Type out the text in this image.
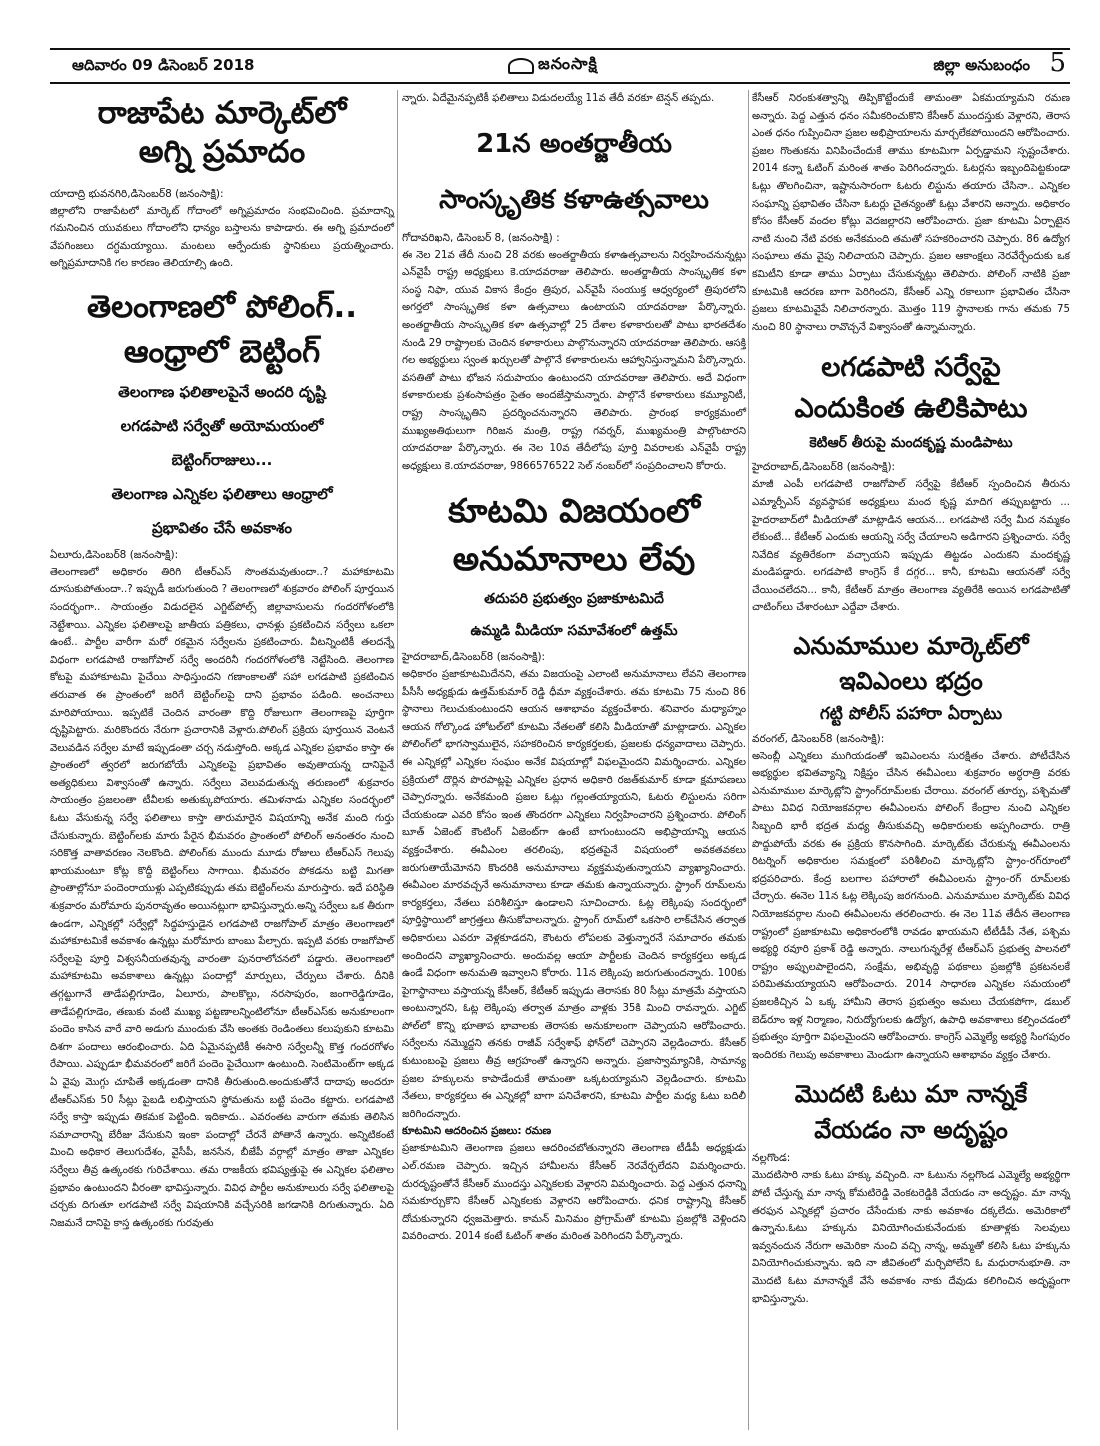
ఆదివారం 09 డిసెంబర్ 2018	జనంసాక్షి	జిల్లా అనుబంధం 5
రాజాపేట మార్కెట్‌లో
అగ్ని ప్రమాదం
యాదాద్రి భువనగిరి,డిసెంబర్‌8 (జనంసాక్షి):

జిల్లాలోని రాజాపేటలో మార్కెట్‌ గోదాంలో అగ్నిప్రమాదం సంభవించింది. ప్రమాదాన్ని గమనించిన యువకులు గోదాంలోని ధాన్యం బస్తాలను కాపాడారు. ఈ అగ్ని ప్రమాదంలో వేపగింజలు దగ్ధమయ్యాయి. మంటలు ఆర్పేందుకు స్థానికులు ప్రయత్నించారు. అగ్నిప్రమాదానికి గల కారణం తెలియాల్సి ఉంది.

తెలంగాణలో పోలింగ్‌..
ఆంధ్రాలో బెట్టింగ్‌
తెలంగాణ ఫలితాలపైనే అందరి దృష్టి
లగడపాటి సర్వేతో అయోమయంలో
బెట్టింగ్‌రాజులు...
తెలంగాణ ఎన్నికల ఫలితాలు ఆంధ్రాలో
ప్రభావితం చేసే అవకాశం
ఏలూరు,డిసెంబర్‌8 (జనంసాక్షి):

తెలంగాణలో అధికారం తిరిగి టీఆర్‌ఎస్‌ సొంతమవుతుందా..? మహాకూటమి దూసుకుపోతుందా..? ఇప్పుడీ జరుగుతుంది ? తెలంగాణలో శుక్రవారం పోలింగ్‌ పూర్తయిన సందర్భంగా.. సాయంత్రం విడుదలైన ఎగ్జిట్‌పోల్స్‌ జిల్లావాసులను గందరగోళంలోకి నెట్టేశాయి. ఎన్నికల ఫలితాలపై జాతీయ పత్రికలు, ఛానళ్లు ప్రకటించిన సర్వేలు ఒకలా ఉంటే.. పార్టీల వారీగా మరో రకమైన సర్వేలను ప్రకటించారు. వీటన్నింటికీ తలదన్నే విధంగా లగడపాటి రాజగోపాల్‌ సర్వే అందరినీ గందరగోళంలోకి నెట్టేసింది. తెలంగాణ కోటపై మహాకూటమి పైచేయి సాధిస్తుందని గణాంకాలతో సహా లగడపాటి ప్రకటించిన తరువాత ఈ ప్రాంతంలో జరిగే బెట్టింగ్‌లపై దాని ప్రభావం పడింది. అంచనాలు మారిపోయాయి. ఇప్పటికే చెందిన వారంతా కొద్ది రోజులుగా తెలంగాణపై పూర్తిగా దృష్టిపెట్టారు. మరికొందరు నేరుగా ప్రచారానికి వెళ్లారు.పోలింగ్‌ ప్రక్రియ పూర్తయిన వెంటనే వెలువడిన సర్వేల మాటే ఇప్పుడంతా చర్చ నడుస్తోంది. అక్కడ ఎన్నికల ప్రభావం కాస్తా ఈ ప్రాంతంలో త్వరలో జరుగబోయే ఎన్నికలపై ప్రభావితం అవుతాయన్న దానిపైనే అత్యధికులు విశ్వాసంతో ఉన్నారు. సర్వేలు వెలువడుతున్న తరుణంలో శుక్రవారం సాయంత్రం ప్రజలంతా టీవీలకు అతుక్కుపోయారు. తమిళనాడు ఎన్నికల సందర్భంలో ఓటు వేసుకున్న సర్వే ఫలితాలు కాస్తా తారుమారైన విషయాన్ని అనేక మంది గుర్తు చేసుకున్నారు. బెట్టింగ్‌లకు మారు పేరైన భీమవరం ప్రాంతంలో పోలింగ్‌ అనంతరం నుంచి సరికొత్త వాతావరణం నెలకొంది. పోలింగ్‌కు ముందు మూడు రోజులు టీఆర్‌ఎస్‌ గెలుపు ఖాయమంటూ కోట్ల కొద్దీ బెట్టింగ్‌లు సాగాయి. భీమవరం పోకడను బట్టి మిగతా ప్రాంతాల్లోనూ పందెంరాయుళ్లు ఎప్పటికప్పుడు తమ బెట్టింగ్‌లను మారుస్తారు. ఇదే పరిస్థితి శుక్రవారం మరోమారు పునరావృతం అయినట్లుగా భావిస్తున్నారు.అన్ని సర్వేలు ఒక తీరుగా ఉండగా, ఎన్నికల్లో సర్వేల్లో సిద్ధహస్తుడైన లగడపాటి రాజగోపాల్‌ మాత్రం తెలంగాణలో మహాకూటమికే అవకాశం ఉన్నట్లు మరోమారు బాంబు పేల్చారు. ఇప్పటి వరకు రాజగోపాల్‌ సర్వేలపై పూర్తి విశ్వసనీయతవున్న వారంతా పునరాలోచనలో పడ్డారు. తెలంగాణలో మహాకూటమి అవకాశాలు ఉన్నట్లు పందాల్లో మార్పులు, చేర్పులు చేశారు. దీనికి తగ్గట్టుగానే తాడేపల్లిగూడెం, ఏలూరు, పాలకొల్లు, నరసాపురం, జంగారెడ్డిగూడెం, తాడేపల్లిగూడెం, తణుకు వంటి ముఖ్య పట్టణాలన్నింటిలోనూ టీఆర్‌ఎస్‌కు అనుకూలంగా పందెం కాసిన వారే వారి అడుగు ముందుకు వేసి అంతకు రెండింతలు కలుపుకుని కూటమి దిశగా పందాలు ఆరంభించారు. ఏది ఏమైనప్పటికీ ఈసారి సర్వేలన్నీ కొత్త గందరగోళం రేపాయి. ఎప్పుడూ భీమవరంలో జరిగే పందెం పైచేయిగా ఉంటుంది. సెంటిమెంట్‌గా అక్కడ ఏ వైపు మొగ్గు చూపితే అక్కడంతా దానికి తీరుతుంది.అందుకుతోనే దాదాపు అందరూ టీఆర్‌ఎస్‌కు 50 సీట్లు పైబడి లభిస్తాయని స్థోమతును బట్టి పందెం కట్టారు. లగడపాటి సర్వే కాస్తా ఇప్పుడు తికమక పెట్టింది. ఇదికాదు.. ఎవరంతట వారుగా తమకు తెలిసిన సమాచారాన్ని బేరీజు వేసుకుని ఇంకా పందాల్లో చేరనే పోతానే ఉన్నారు. అన్నిటికంటే మించి అధికార తెలుగుదేశం, వైసీపీ, జనసేన, బీజేపీ వర్గాల్లో మాత్రం తాజా ఎన్నికల సర్వేలు తీవ్ర ఉత్కంఠకు గురిచేశాయి. తమ రాజకీయ భవిష్యత్తుపై ఈ ఎన్నికల ఫలితాల ప్రభావం ఉంటుందని వీరంతా భావిస్తున్నారు. వివిధ పార్టీల అనుకూలురు సర్వే ఫలితాలపై చర్చకు దిగుతూ లగడపాటి సర్వే విషయానికి వచ్చేసరికి జగడానికి దిగుతున్నారు. ఏది నిజమనే దానిపై కాస్త ఉత్కంఠకు గురవుతు

న్నారు. ఏదేమైనప్పటికీ ఫలితాలు విడుదలయ్యే 11వ తేదీ వరకూ టెన్షన్‌ తప్పదు.

21న అంతర్జాతీయ
సాంస్కృతిక కళాఉత్సవాలు
గోదావరిఖని, డిసెంబర్‌ 8, (జనంసాక్షి) :

ఈ నెల 21వ తేదీ నుంచి 28 వరకు అంతర్జాతీయ కళాఉత్సవాలను నిర్వహించనున్నట్లు ఎన్‌వైపీ రాష్ట్ర అధ్యక్షులు కె.యాదవరాజు తెలిపారు. అంతర్జాతీయ సాంస్కృతిక కళా సంస్థ నిఫా, యువ వికాస కేంద్రం త్రిపుర, ఎన్‌వైపీ సంయుక్త ఆధ్వర్యంలో త్రిపురలోని అగర్తలో సాంస్కృతిక కళా ఉత్సవాలు ఉంటాయని యాదవరాజు పేర్కొన్నారు. అంతర్జాతీయ సాంస్కృతిక కళా ఉత్సవాల్లో 25 దేశాల కళాకారులతో పాటు భారతదేశం నుండి 29 రాష్ట్రాలకు చెందిన కళాకారులు పాల్గొనున్నారని యాదవరాజు తెలిపారు. ఆసక్తి గల అభ్యర్థులు స్వంత ఖర్చులతో పాల్గొనే కళాకారులను ఆహ్వానిస్తున్నామని పేర్కొన్నారు. వసతితో పాటు భోజన సదుపాయం ఉంటుందని యాదవరాజు తెలిపారు. అదే విధంగా కళాకారులకు ప్రశంసాపత్రం సైతం అందజేస్తామన్నారు. పాల్గొనే కళాకారులు కమ్యూనిటీ, రాష్ట్ర సాంస్కృతిని ప్రదర్శించనున్నారని తెలిపారు. ప్రారంభ కార్యక్రమంలో ముఖ్యఅతిథులుగా గిరిజన మంత్రి, రాష్ట్ర గవర్నర్‌, ముఖ్యమంత్రి పాల్గొంటారని యాదవరాజు పేర్కొన్నారు. ఈ నెల 10వ తేదీలోపు పూర్తి వివరాలకు ఎన్‌వైపీ రాష్ట్ర అధ్యక్షులు కె.యాదవరాజు, 9866576522 సెల్‌ నంబర్‌లో సంప్రదించాలని కోరారు.

కూటమి విజయంలో
అనుమానాలు లేవు
తదుపరి ప్రభుత్వం ప్రజాకూటమిదే
ఉమ్మడి మీడియా సమావేశంలో ఉత్తమ్‌
హైదరాబాద్‌,డిసెంబర్‌8 (జనంసాక్షి):

అధికారం ప్రజాకూటమిదేనని, తమ విజయంపై ఎలాంటి అనుమానాలు లేవని తెలంగాణ పీసీసీ అధ్యక్షుడు ఉత్తమ్‌కుమార్‌ రెడ్డి ధీమా వ్యక్తంచేశారు. తమ కూటమి 75 నుంచి 86 స్థానాలు గెలుచుకుంటుందని ఆయన ఆశాభావం వ్యక్తంచేశారు. శనివారం మధ్యాహ్నం ఆయన గోల్కొండ హోటల్‌లో కూటమి నేతలతో కలిసి మీడియాతో మాట్లాడారు. ఎన్నికల పోలింగ్‌లో భాగస్వాములైన, సహకరించిన కార్యకర్తలకు, ప్రజలకు ధన్యవాదాలు చెప్పారు. ఈ ఎన్నికల్లో ఎన్నికల సంఘం అనేక విషయాల్లో విఫలమైందని విమర్శించారు. ఎన్నికల ప్రక్రియలో దొర్లిన పొరపాట్లపై ఎన్నికల ప్రధాన అధికారి రజత్‌కుమార్‌ కూడా క్షమాపణలు చెప్పారన్నారు. అనేకమంది ప్రజల ఓట్లు గల్లంతయ్యాయని, ఓటరు లిస్టులను సరిగా చేయకుండా ఎవరి కోసం ఇంత తొందరగా ఎన్నికలు నిర్వహించారని ప్రశ్నించారు. పోలింగ్‌ బూత్‌ ఏజెంట్‌ కౌంటింగ్‌ ఏజెంట్‌గా ఉంటే బాగుంటుందని అభిప్రాయాన్ని ఆయన వ్యక్తంచేశారు. ఈవీఎంల తరలింపు, భద్రతపైనే విషయంలో అవకతవకలు జరుగుతాయేమోనని కొందరికి అనుమానాలు వ్యక్తమవుతున్నాయని వ్యాఖ్యానించారు. ఈవీఎంల మారవచ్చనే అనుమానాలు కూడా తమకు ఉన్నాయన్నారు. స్ట్రాంగ్‌ రూమ్‌లను కార్యకర్తలు, నేతలు పరిశీలిస్తూ ఉండాలని సూచించారు. ఓట్ల లెక్కింపు సందర్భంలో పూర్తిస్థాయిలో జాగ్రత్తలు తీసుకోవాలన్నారు. స్ట్రాంగ్‌ రూమ్‌లో ఒకసారి లాక్‌చేసిన తర్వాత అధికారులు ఎవరూ వెళ్లకూడదని, కౌంటరు లోపలకు వెళ్తున్నారనే సమాచారం తమకు అందిందని వ్యాఖ్యానించారు. అందువల్ల ఆయా పార్టీలకు చెందిన కార్యకర్తలు అక్కడ ఉండే విధంగా అనుమతి ఇవ్వాలని కోరారు. 11న లెక్కింపు జరుగుతుందన్నారు. 100కు పైగాస్థానాలు వస్తాయన్న కేసీఆర్‌, కేటీఆర్‌ ఇప్పుడు తెరాసకు 80 సీట్లు మాత్రమే వస్తాయని అంటున్నారని, ఓట్ల లెక్కింపు తర్వాత మాత్రం వాళ్లకు 35కి మించి రావన్నారు. ఎగ్జిట్‌ పోల్‌లో కొన్ని భూతాప భావాలకు తెరాసకు అనుకూలంగా చెప్పాయని ఆరోపించారు. సర్వేలను నమ్మొద్దని తనకు రాజీవ్‌ సర్వేశాఫ్‌ ఫోన్‌లో చెప్పారని వెల్లడించారు. కేసీఆర్‌ కుటుంబంపై ప్రజలు తీవ్ర ఆగ్రహంతో ఉన్నారని అన్నారు. ప్రజాస్వామ్యానికి, సామాన్య ప్రజల హక్కులను కాపాడేందుకే తామంతా ఒక్కటయ్యామని వెల్లడించారు. కూటమి నేతలు, కార్యకర్తలు ఈ ఎన్నికల్లో బాగా పనిచేశారని, కూటమి పార్టీల మధ్య ఓటు బదిలీ జరిగిందన్నారు.

కూటమిని ఆదరించిన ప్రజలు: రమణ

ప్రజాకూటమిని తెలంగాణ ప్రజలు ఆదరించబోతున్నారని తెలంగాణ టీడీపీ అధ్యక్షుడు ఎల్‌.రమణ చెప్పారు. ఇచ్చిన హామీలను కేసీఆర్‌ నెరవేర్చలేదని విమర్శించారు. దురదృష్టంతోనే కేసీఆర్‌ ముందస్తు ఎన్నికలకు వెళ్లారని విమర్శించారు. పెద్ద ఎత్తున ధనాన్ని సమకూర్చుకొని కేసీఆర్‌ ఎన్నికలకు వెళ్లారని ఆరోపించారు. ధనిక రాష్ట్రాన్ని కేసీఆర్‌ దోచుకున్నారని ధ్వజమెత్తారు. కామన్‌ మినిమం ప్రోగ్రామ్‌తో కూటమి ప్రజల్లోకి వెళ్లిందని వివరించారు. 2014 కంటే ఓటింగ్‌ శాతం మరింత పెరిగిందని పేర్కొన్నారు.

కేసీఆర్‌ నిరంకుశత్వాన్ని తిప్పికొట్టేందుకే తామంతా ఏకమయ్యామని రమణ అన్నారు. పెద్ద ఎత్తున ధనం సమీకరించుకొని కేసీఆర్‌ ముందస్తుకు వెళ్లారని, తెరాస ఎంత ధనం గుప్పించినా ప్రజల అభిప్రాయాలను మార్చలేకపోయిందని ఆరోపించారు. ప్రజల గొంతుకను వినిపించేందుకే తాము కూటమిగా ఏర్పడ్డామని స్పష్టంచేశారు. 2014 కన్నా ఓటింగ్‌ మరింత శాతం పెరిగిందన్నారు. ఓటర్లను ఇబ్బందిపెట్టకుండా ఓట్లు తొలగించినా, ఇష్టానుసారంగా ఓటరు లిస్టును తయారు చేసినా.. ఎన్నికల సంఘాన్ని ప్రభావితం చేసినా ఓటర్లు చైతన్యంతో ఓట్లు వేశారని అన్నారు. అధికారం కోసం కేసీఆర్‌ వందల కోట్లు వెదజల్లారని ఆరోపించారు. ప్రజా కూటమి ఏర్పాటైన నాటి నుంచి నేటి వరకు అనేకమంది తమతో సహకరించారని చెప్పారు. 86 ఉద్యోగ సంఘాలు తమ వైపు నిలిచాయని చెప్పారు. ప్రజల ఆకాంక్షలు నెరవేర్చేందుకు ఒక కమిటీని కూడా తాము ఏర్పాటు చేసుకున్నట్లు తెలిపారు. పోలింగ్‌ నాటికి ప్రజా కూటమికి ఆదరణ బాగా పెరిగిందని, కేసీఆర్‌ ఎన్ని రకాలుగా ప్రభావితం చేసినా ప్రజలు కూటమివైపే నిలిచారన్నారు. మొత్తం 119 స్థానాలకు గాను తమకు 75 నుంచి 80 స్థానాలు రావొచ్చనే విశ్వాసంతో ఉన్నామన్నారు.

లగడపాటి సర్వేపై
ఎందుకింత ఉలికిపాటు
కెటిఆర్‌ తీరుపై మందకృష్ణ మండిపాటు
హైదరాబాద్‌,డిసెంబర్‌8 (జనంసాక్షి):

మాజీ ఎంపీ లగడపాటి రాజగోపాల్‌ సర్వేపై కేటీఆర్‌ స్పందించిన తీరును ఎమ్మార్పీఎస్‌ వ్యవస్థాపక అధ్యక్షులు మంద కృష్ణ మాదిగ తప్పుబట్టారు ... హైదరాబాద్‌లో మీడియాతో మాట్లాడిన ఆయన... లగడపాటి సర్వే మీద నమ్మకం లేకుంటే... కేటీఆర్‌ ఎందుకు ఆయన్ని సర్వే చేయాలని అడిగారని ప్రశ్నించారు. సర్వే నివేదిక వ్యతిరేకంగా వచ్చాయని ఇప్పుడు తిట్టడం ఎందుకని మందకృష్ణ మండిపడ్డారు. లగడపాటి కాంగ్రెస్‌ కే దగ్గర... కానీ, కూటమి ఆయనతో సర్వే చేయించలేదని... కానీ, కేటీఆర్‌ మాత్రం తెలంగాణ వ్యతిరేకి అయిన లగడపాటితో చాటింగ్‌లు చేశారంటూ ఎద్దేవా చేశారు.

ఎనుమాముల మార్కెట్‌లో
ఇవిఎంలు భద్రం
గట్టి పోలీస్‌ పహారా ఏర్పాటు
వరంగల్‌, డిసెంబర్‌8 (జనంసాక్షి):

అసెంబ్లీ ఎన్నికలు ముగియడంతో ఇవిఎంలను సురక్షితం చేశారు. పోటీచేసిన అభ్యర్థుల భవితవ్యాన్ని నిక్షిప్తం చేసిన ఈవీఎంలు శుక్రవారం అర్ధరాత్రి వరకు ఎనుమాముల మార్కెట్లోని స్ట్రాంగ్‌రూమ్‌లకు చేరాయి. వరంగల్‌ తూర్పు, పశ్చిమతో పాటు వివిధ నియోజకవర్గాల ఈవీఎంలను పోలింగ్‌ కేంద్రాల నుంచి ఎన్నికల సిబ్బంది భారీ భద్రత మధ్య తీసుకువచ్చి అధికారులకు అప్పగించారు. రాత్రి పొద్దుపోయే వరకు ఈ ప్రక్రియ కొనసాగింది. మార్కెట్‌కు చేరుకున్న ఈవీఎంలను రిటర్నింగ్‌ అధికారుల సమక్షంలో పరిశీలించి మార్కెట్లోని స్ట్రాం-రగ్‌రూంలో భద్రపరిచారు. కేంద్ర బలగాల పహారాలో ఈవీఎంలను స్ట్రాం-రగ్‌ రూమ్‌లకు చేర్చారు. ఈనెల 11న ఓట్ల లెక్కింపు జరగనుంది. ఎనుమాముల మార్కెట్‌కు వివిధ నియోజకవర్గాల నుంచి ఈవీఎంలను తరలించారు. ఈ నెల 11వ తేదీన తెలంగాణ రాష్ట్రంలో ప్రజాకూటమి అధికారంలోకి రావడం ఖాయమని టీటీడీపీ నేత, పశ్చిమ అభ్యర్థి రవూరి ప్రకాశ్‌ రెడ్డి అన్నారు. నాలుగున్నరేళ్ల టీఆర్‌ఎస్‌ ప్రభుత్వ పాలనలో రాష్ట్రం అప్పులపాలైందని, సంక్షేమ, అభివృద్ధి పథకాలు ప్రజల్లోకి ప్రకటనలకే పరిమితమయ్యాయని ఆరోపించారు. 2014 సాధారణ ఎన్నికల సమయంలో ప్రజలకిచ్చిన ఏ ఒక్క హామీని తెరాస ప్రభుత్వం అమలు చేయకపోగా, డబుల్‌ బెడ్‌రూం ఇళ్ల నిర్మాణం, నిరుద్యోగులకు ఉద్యోగ, ఉపాధి అవకాశాలు కల్పించడంలో ప్రభుత్వం పూర్తిగా విఫలమైందని ఆరోపించారు. కాంగ్రెస్‌ ఎమ్మెల్యే అభ్యర్థి సింగపురం ఇందిరకు గెలుపు అవకాశాలు మెండుగా ఉన్నాయని ఆశాభావం వ్యక్తం చేశారు.

మొదటి ఓటు మా నాన్నకే
వేయడం నా అదృష్టం
నల్లగొండ:

మొదటిసారి నాకు ఓటు హక్కు వచ్చింది. నా ఓటును నల్లగొండ ఎమ్మెల్యే అభ్యర్థిగా పోటీ చేస్తున్న మా నాన్న కోమటిరెడ్డి వెంకటరెడ్డికి వేయడం నా అదృష్టం. మా నాన్న తరఫున ఎన్నికల్లో ప్రచారం చేసేందుకు నాకు అవకాశం దక్కలేదు. అమెరికాలో ఉన్నాను.ఓటు హక్కును వినియోగించుకునేందుకు కూతాళ్లకు సెలవులు ఇవ్వనందున నేరుగా అమెరికా నుంచి వచ్చి నాన్న, అమ్మతో కలిసి ఓటు హక్కును వినియోగించుకున్నాను. ఇది నా జీవితంలో మర్చిపోలేని ఓ మధురానుభూతి. నా మొదటి ఓటు మానాన్నకే వేసే అవకాశం నాకు దేవుడు కలిగించిన అదృష్టంగా భావిస్తున్నాను.
